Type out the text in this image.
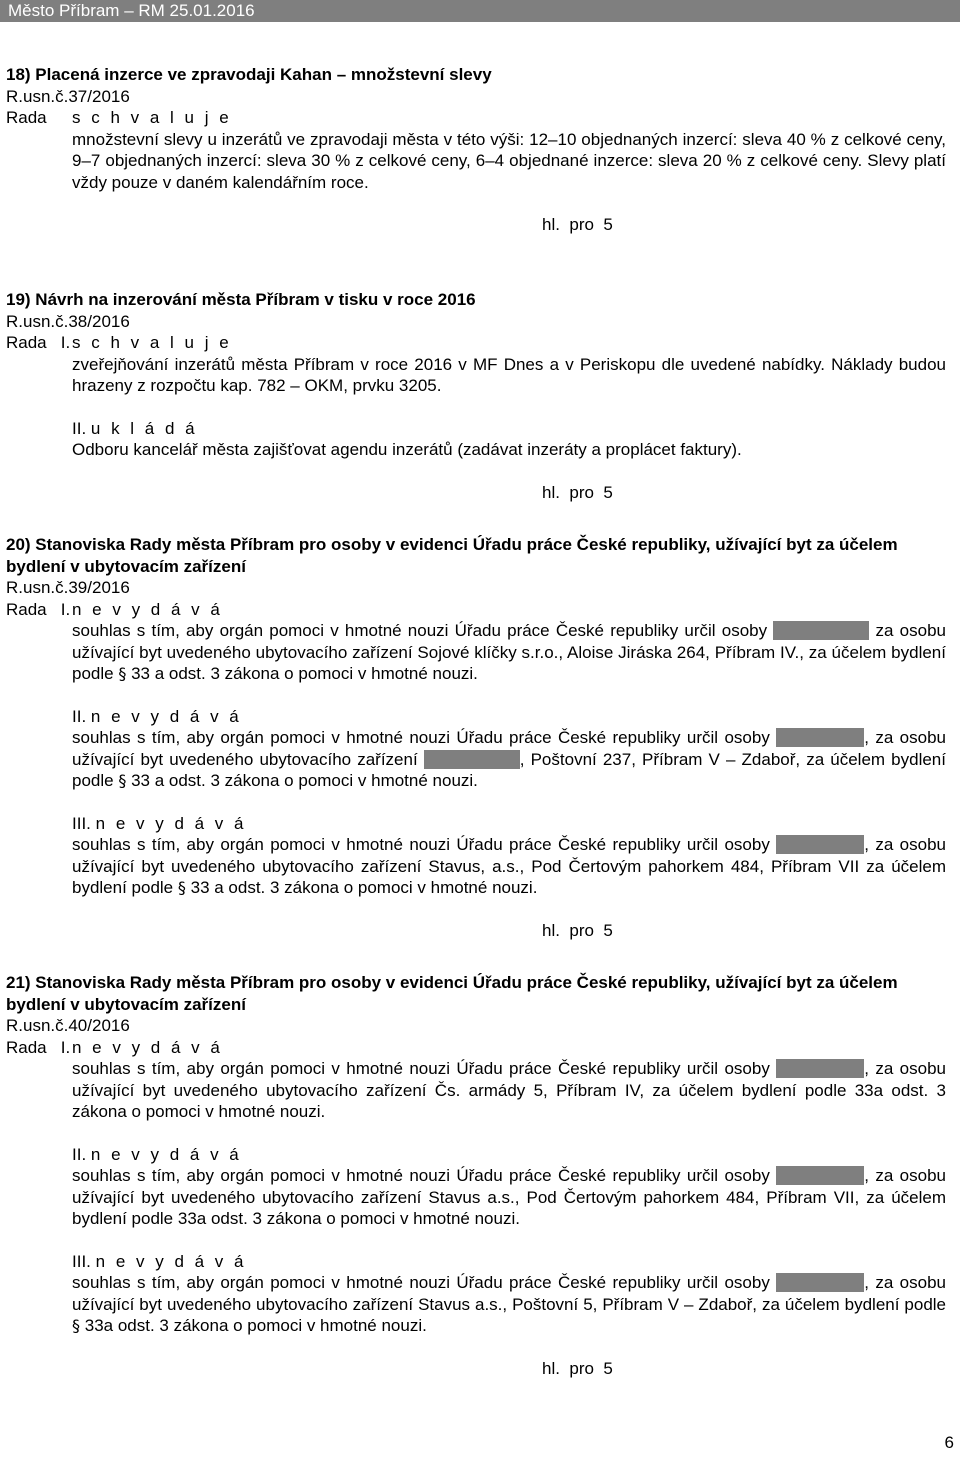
Město Příbram – RM 25.01.2016
18) Placená inzerce ve zpravodaji Kahan – množstevní slevy
R.usn.č.37/2016
Rada s c h v a l u j e
množstevní slevy u inzerátů ve zpravodaji města v této výši: 12–10 objednaných inzercí: sleva 40 % z celkové ceny, 9–7 objednaných inzercí: sleva 30 % z celkové ceny, 6–4 objednané inzerce: sleva 20 % z celkové ceny. Slevy platí vždy pouze v daném kalendářním roce.
hl.  pro  5
19) Návrh na inzerování města Příbram v tisku v roce 2016
R.usn.č.38/2016
Rada   I. s c h v a l u j e
zveřejňování inzerátů města Příbram v roce 2016 v MF Dnes a v Periskopu dle uvedené nabídky. Náklady budou hrazeny z rozpočtu kap. 782 – OKM, prvku 3205.
II. u k l á d á
Odboru kancelář města zajišťovat agendu inzerátů (zadávat inzeráty a proplácet faktury).
hl.  pro  5
20) Stanoviska Rady města Příbram pro osoby v evidenci Úřadu práce České republiky, užívající byt za účelem bydlení v ubytovacím zařízení
R.usn.č.39/2016
Rada   I. n e v y d á v á
souhlas s tím, aby orgán pomoci v hmotné nouzi Úřadu práce České republiky určil osoby	za osobu užívající byt uvedeného ubytovacího zařízení Sojové klíčky s.r.o., Aloise Jiráska 264, Příbram IV., za účelem bydlení podle § 33 a odst. 3 zákona o pomoci v hmotné nouzi.
II. n e v y d á v á
souhlas s tím, aby orgán pomoci v hmotné nouzi Úřadu práce České republiky určil osoby	, za osobu užívající byt uvedeného ubytovacího zařízení	, Poštovní 237, Příbram V – Zdaboř, za účelem bydlení podle § 33 a odst. 3 zákona o pomoci v hmotné nouzi.
III. n e v y d á v á
souhlas s tím, aby orgán pomoci v hmotné nouzi Úřadu práce České republiky určil osoby	, za osobu užívající byt uvedeného ubytovacího zařízení Stavus, a.s., Pod Čertovým pahorkem 484, Příbram VII za účelem bydlení podle § 33 a odst. 3 zákona o pomoci v hmotné nouzi.
hl.  pro  5
21) Stanoviska Rady města Příbram pro osoby v evidenci Úřadu práce České republiky, užívající byt za účelem bydlení v ubytovacím zařízení
R.usn.č.40/2016
Rada   I. n e v y d á v á
souhlas s tím, aby orgán pomoci v hmotné nouzi Úřadu práce České republiky určil osoby	, za osobu užívající byt uvedeného ubytovacího zařízení Čs. armády 5, Příbram IV, za účelem bydlení podle 33a odst. 3 zákona o pomoci v hmotné nouzi.
II. n e v y d á v á
souhlas s tím, aby orgán pomoci v hmotné nouzi Úřadu práce České republiky určil osoby	, za osobu užívající byt uvedeného ubytovacího zařízení Stavus a.s., Pod Čertovým pahorkem 484, Příbram VII, za účelem bydlení podle 33a odst. 3 zákona o pomoci v hmotné nouzi.
III. n e v y d á v á
souhlas s tím, aby orgán pomoci v hmotné nouzi Úřadu práce České republiky určil osoby	, za osobu užívající byt uvedeného ubytovacího zařízení Stavus a.s., Poštovní 5, Příbram V – Zdaboř, za účelem bydlení podle § 33a odst. 3 zákona o pomoci v hmotné nouzi.
hl.  pro  5
6
